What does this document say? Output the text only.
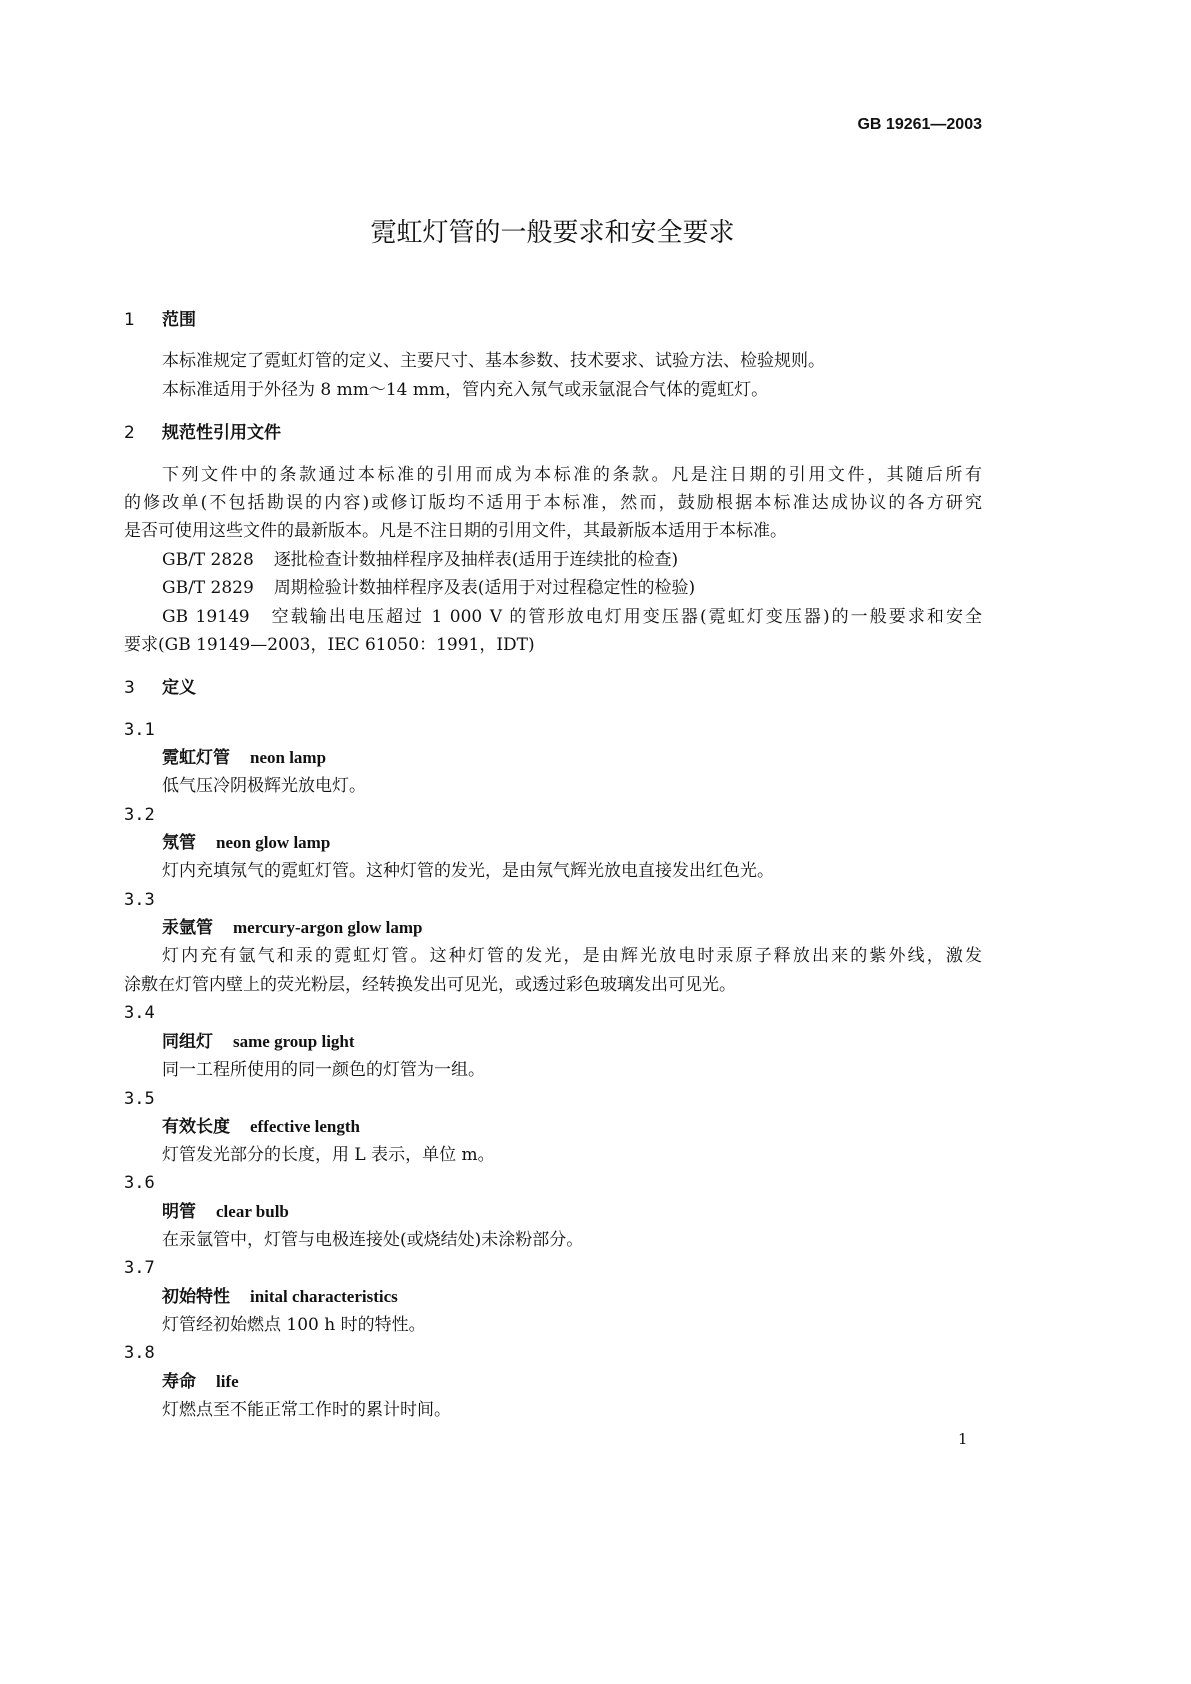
GB 19261—2003
霓虹灯管的一般要求和安全要求
1 范围
本标准规定了霓虹灯管的定义、主要尺寸、基本参数、技术要求、试验方法、检验规则。
本标准适用于外径为 8 mm～14 mm，管内充入氖气或汞氩混合气体的霓虹灯。
2 规范性引用文件
下列文件中的条款通过本标准的引用而成为本标准的条款。凡是注日期的引用文件，其随后所有
的修改单(不包括勘误的内容)或修订版均不适用于本标准，然而，鼓励根据本标准达成协议的各方研究
是否可使用这些文件的最新版本。凡是不注日期的引用文件，其最新版本适用于本标准。
GB/T 2828 逐批检查计数抽样程序及抽样表(适用于连续批的检查)
GB/T 2829 周期检验计数抽样程序及表(适用于对过程稳定性的检验)
GB 19149 空载输出电压超过 1 000 V 的管形放电灯用变压器(霓虹灯变压器)的一般要求和安全
要求(GB 19149—2003，IEC 61050：1991，IDT)
3 定义
3.1
霓虹灯管 neon lamp
低气压冷阴极辉光放电灯。
3.2
氖管 neon glow lamp
灯内充填氖气的霓虹灯管。这种灯管的发光，是由氖气辉光放电直接发出红色光。
3.3
汞氩管 mercury-argon glow lamp
灯内充有氩气和汞的霓虹灯管。这种灯管的发光，是由辉光放电时汞原子释放出来的紫外线，激发
涂敷在灯管内壁上的荧光粉层，经转换发出可见光，或透过彩色玻璃发出可见光。
3.4
同组灯 same group light
同一工程所使用的同一颜色的灯管为一组。
3.5
有效长度 effective length
灯管发光部分的长度，用 L 表示，单位 m。
3.6
明管 clear bulb
在汞氩管中，灯管与电极连接处(或烧结处)未涂粉部分。
3.7
初始特性 inital characteristics
灯管经初始燃点 100 h 时的特性。
3.8
寿命 life
灯燃点至不能正常工作时的累计时间。
1
